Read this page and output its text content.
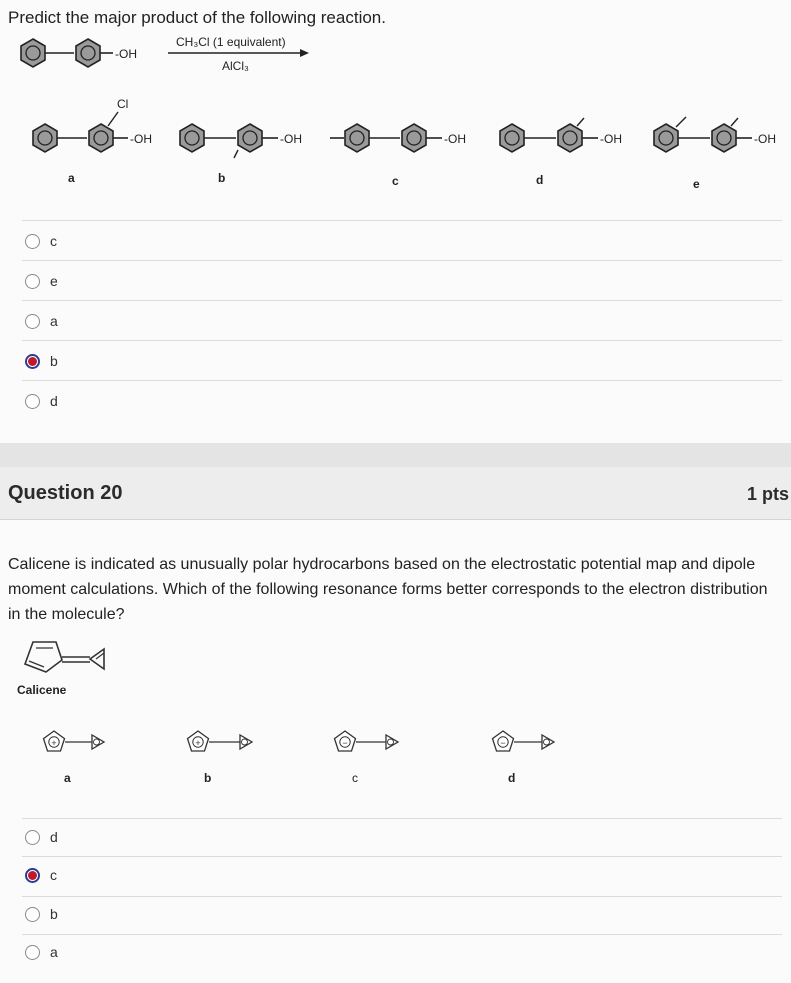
Predict the major product of the following reaction.
-OH
CH₃Cl (1 equivalent)
AlCl₃
Cl
-OH
a
-OH
b
-OH
c
-OH
d
-OH
e
Calicene
+
a
+
b
−
c
−
d
c
e
a
b
d
Question 20	1 pts
Calicene is indicated as unusually polar hydrocarbons based on the electrostatic potential map and dipole moment calculations. Which of the following resonance forms better corresponds to the electron distribution in the molecule?
d
c
b
a
